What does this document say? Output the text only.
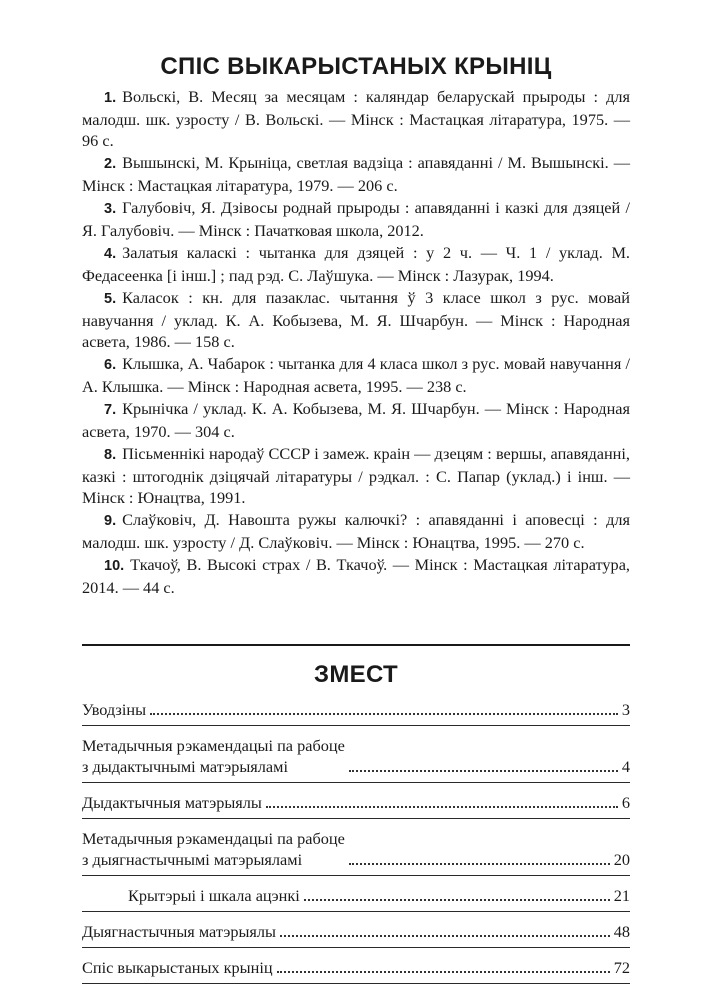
СПІС ВЫКАРЫСТАНЫХ КРЫНІЦ

1. Вольскі, В. Месяц за месяцам : каляндар беларускай прыроды : для малодш. шк. узросту / В. Вольскі. — Мінск : Мастацкая літаратура, 1975. — 96 с.

2. Вышынскі, М. Крыніца, светлая вадзіца : апавяданні / М. Вышынскі. — Мінск : Мастацкая літаратура, 1979. — 206 с.

3. Галубовіч, Я. Дзівосы роднай прыроды : апавяданні і казкі для дзяцей / Я. Галубовіч. — Мінск : Пачатковая школа, 2012.

4. Залатыя каласкі : чытанка для дзяцей : у 2 ч. — Ч. 1 / уклад. М. Федасеенка [і інш.] ; пад рэд. С. Лаўшука. — Мінск : Лазурак, 1994.

5. Каласок : кн. для пазаклас. чытання ў 3 класе школ з рус. мовай навучання / уклад. К. А. Кобызева, М. Я. Шчарбун. — Мінск : Народная асвета, 1986. — 158 с.

6. Клышка, А. Чабарок : чытанка для 4 класа школ з рус. мовай навучання / А. Клышка. — Мінск : Народная асвета, 1995. — 238 с.

7. Крынічка / уклад. К. А. Кобызева, М. Я. Шчарбун. — Мінск : Народная асвета, 1970. — 304 с.

8. Пісьменнікі народаў СССР і замеж. краін — дзецям : вершы, апавяданні, казкі : штогоднік дзіцячай літаратуры / рэдкал. : С. Папар (уклад.) і інш. — Мінск : Юнацтва, 1991.

9. Слаўковіч, Д. Навошта ружы калючкі? : апавяданні і аповесці : для малодш. шк. узросту / Д. Слаўковіч. — Мінск : Юнацтва, 1995. — 270 с.

10. Ткачоў, В. Высокі страх / В. Ткачоў. — Мінск : Мастацкая літаратура, 2014. — 44 с.

ЗМЕСТ
Уводзіны	3
Метадычныя рэкамендацыі па рабоце
з дыдактычнымі матэрыяламі	4
Дыдактычныя матэрыялы	6
Метадычныя рэкамендацыі па рабоце
з дыягнастычнымі матэрыяламі	20
Крытэрыі і шкала ацэнкі	21
Дыягнастычныя матэрыялы	48
Спіс выкарыстаных крыніц	72
